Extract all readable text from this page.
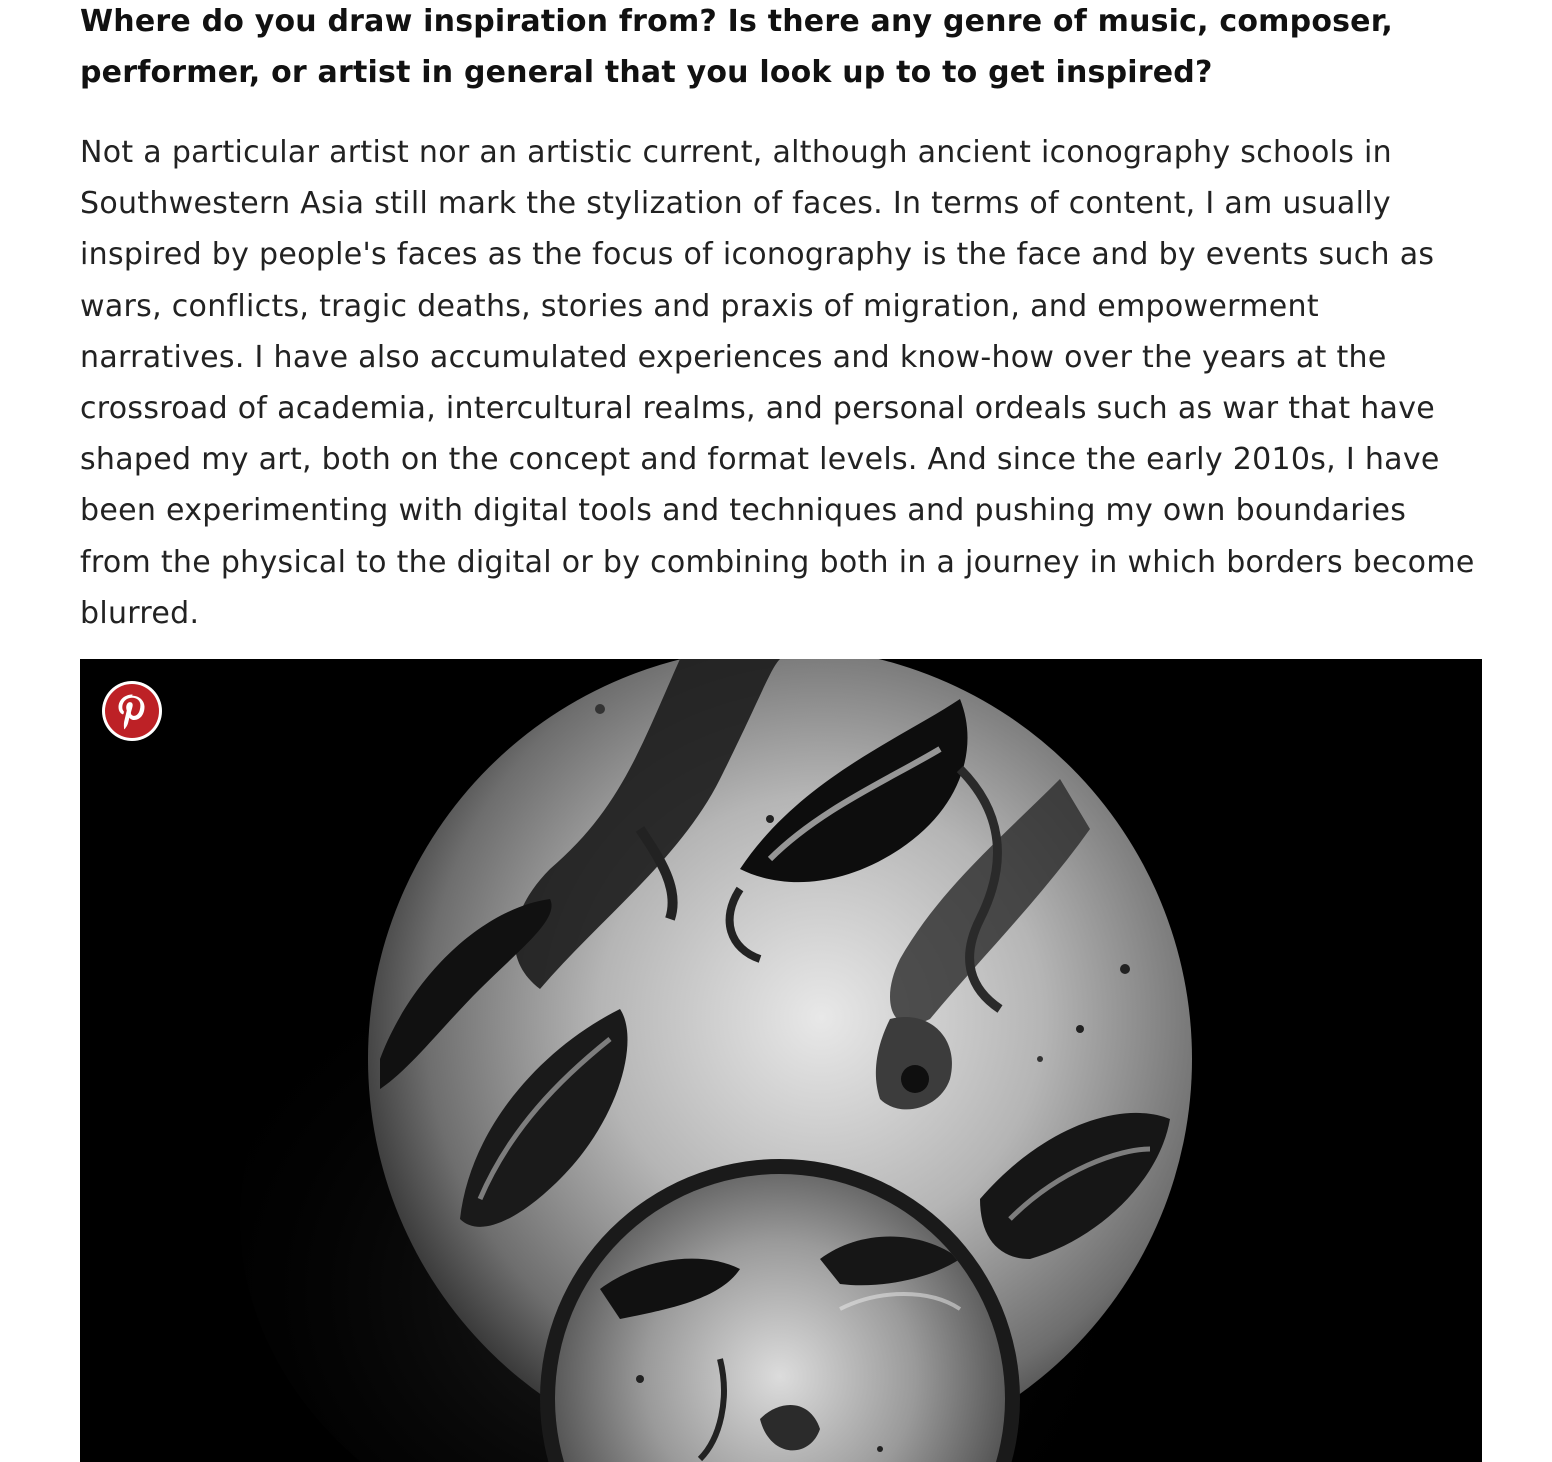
Where do you draw inspiration from? Is there any genre of music, composer, performer, or artist in general that you look up to to get inspired?

Not a particular artist nor an artistic current, although ancient iconography schools in Southwestern Asia still mark the stylization of faces. In terms of content, I am usually inspired by people's faces as the focus of iconography is the face and by events such as wars, conflicts, tragic deaths, stories and praxis of migration, and empowerment narratives. I have also accumulated experiences and know-how over the years at the crossroad of academia, intercultural realms, and personal ordeals such as war that have shaped my art, both on the concept and format levels. And since the early 2010s, I have been experimenting with digital tools and techniques and pushing my own boundaries from the physical to the digital or by combining both in a journey in which borders become blurred.
